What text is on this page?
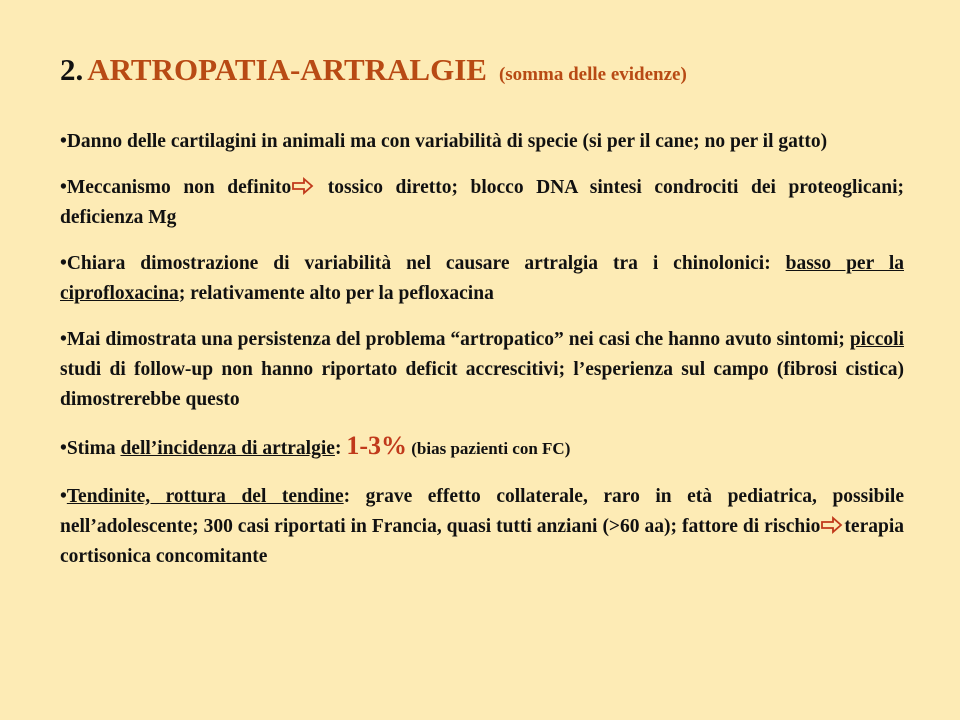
2. ARTROPATIA-ARTRALGIE (somma delle evidenze)
•Danno delle cartilagini in animali ma con variabilità di specie (si per il cane; no per il gatto)
•Meccanismo non definito
tossico diretto; blocco DNA sintesi condrociti dei proteoglicani; deficienza Mg
•Chiara dimostrazione di variabilità nel causare artralgia tra i chinolonici: basso per la ciprofloxacina; relativamente alto per la pefloxacina
•Mai dimostrata una persistenza del problema “artropatico” nei casi che hanno avuto sintomi; piccoli studi di follow-up non hanno riportato deficit accrescitivi; l’esperienza sul campo (fibrosi cistica) dimostrerebbe questo
•Stima dell’incidenza di artralgie: 1-3% (bias pazienti con FC)
•Tendinite, rottura del tendine: grave effetto collaterale, raro in età pediatrica, possibile nell’adolescente; 300 casi riportati in Francia, quasi tutti anziani (>60 aa); fattore di rischio terapia cortisonica concomitante
